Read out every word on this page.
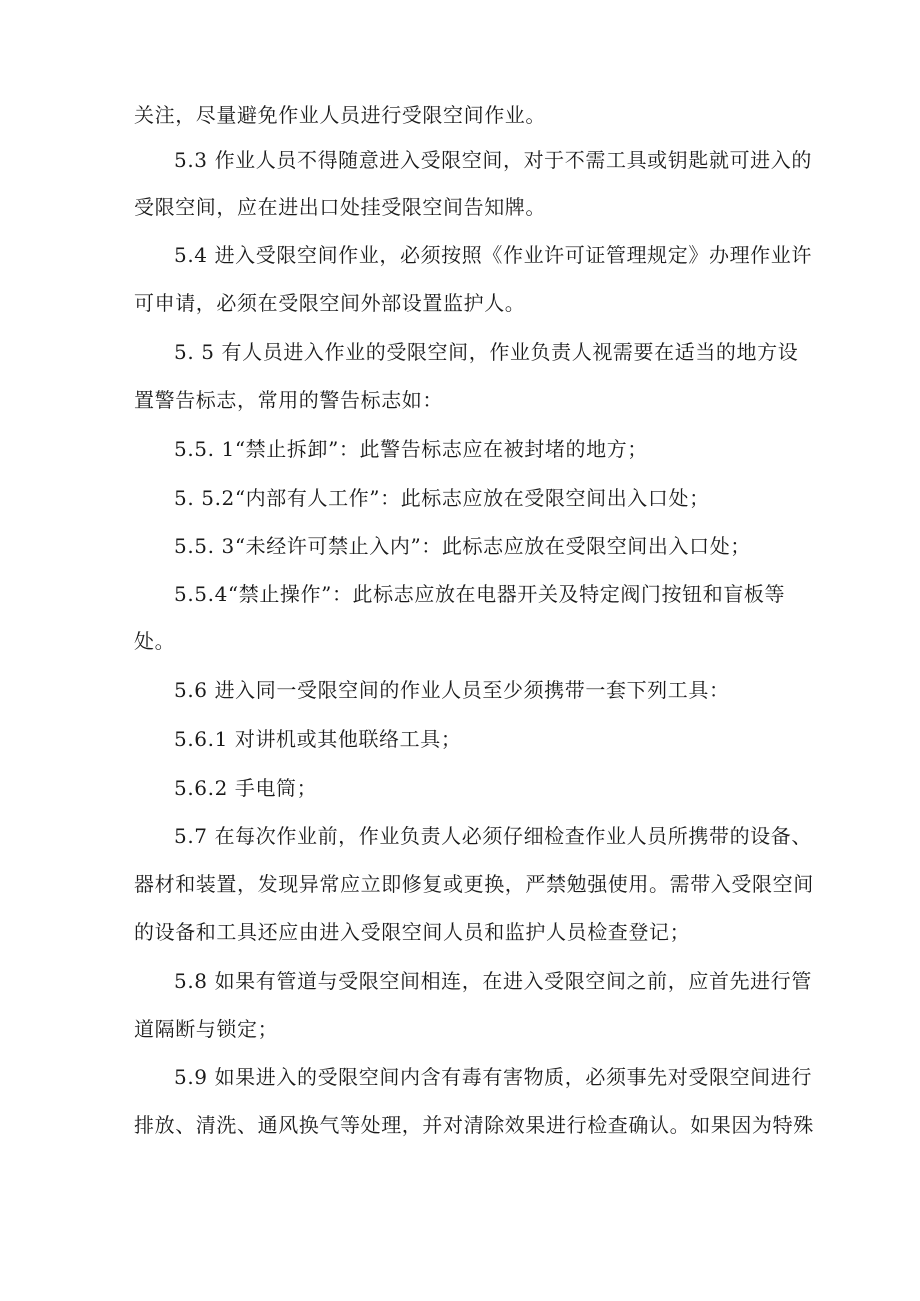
关注，尽量避免作业人员进行受限空间作业。

5.3 作业人员不得随意进入受限空间，对于不需工具或钥匙就可进入的

受限空间，应在进出口处挂受限空间告知牌。

5.4 进入受限空间作业，必须按照《作业许可证管理规定》办理作业许

可申请，必须在受限空间外部设置监护人。

5. 5 有人员进入作业的受限空间，作业负责人视需要在适当的地方设

置警告标志，常用的警告标志如：

5.5. 1“禁止拆卸”：此警告标志应在被封堵的地方；

5. 5.2“内部有人工作”：此标志应放在受限空间出入口处；

5.5. 3“未经许可禁止入内”：此标志应放在受限空间出入口处；

5.5.4“禁止操作”：此标志应放在电器开关及特定阀门按钮和盲板等

处。

5.6 进入同一受限空间的作业人员至少须携带一套下列工具：

5.6.1 对讲机或其他联络工具；

5.6.2 手电筒；

5.7 在每次作业前，作业负责人必须仔细检查作业人员所携带的设备、

器材和装置，发现异常应立即修复或更换，严禁勉强使用。需带入受限空间

的设备和工具还应由进入受限空间人员和监护人员检查登记；

5.8 如果有管道与受限空间相连，在进入受限空间之前，应首先进行管

道隔断与锁定；

5.9 如果进入的受限空间内含有毒有害物质，必须事先对受限空间进行

排放、清洗、通风换气等处理，并对清除效果进行检查确认。如果因为特殊
